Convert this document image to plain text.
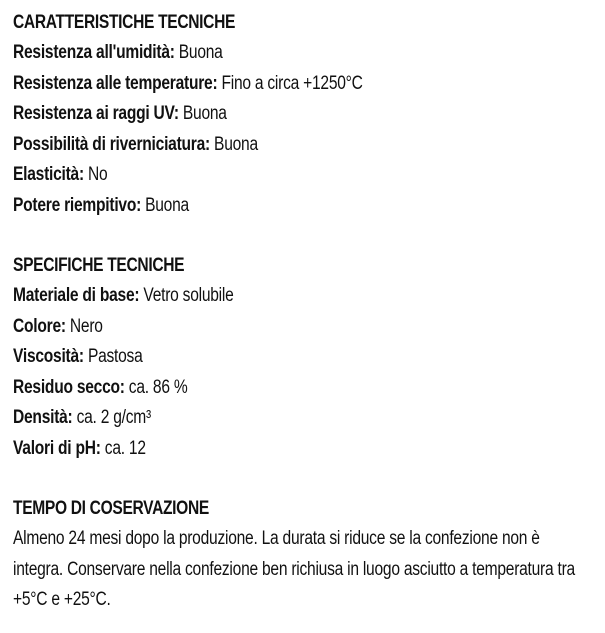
CARATTERISTICHE TECNICHE
Resistenza all'umidità: Buona
Resistenza alle temperature: Fino a circa +1250°C
Resistenza ai raggi UV: Buona
Possibilità di riverniciatura: Buona
Elasticità: No
Potere riempitivo: Buona
SPECIFICHE TECNICHE
Materiale di base: Vetro solubile
Colore: Nero
Viscosità: Pastosa
Residuo secco: ca. 86 %
Densità: ca. 2 g/cm³
Valori di pH: ca. 12
TEMPO DI COSERVAZIONE
Almeno 24 mesi dopo la produzione. La durata si riduce se la confezione non è integra. Conservare nella confezione ben richiusa in luogo asciutto a temperatura tra +5°C e +25°C.
